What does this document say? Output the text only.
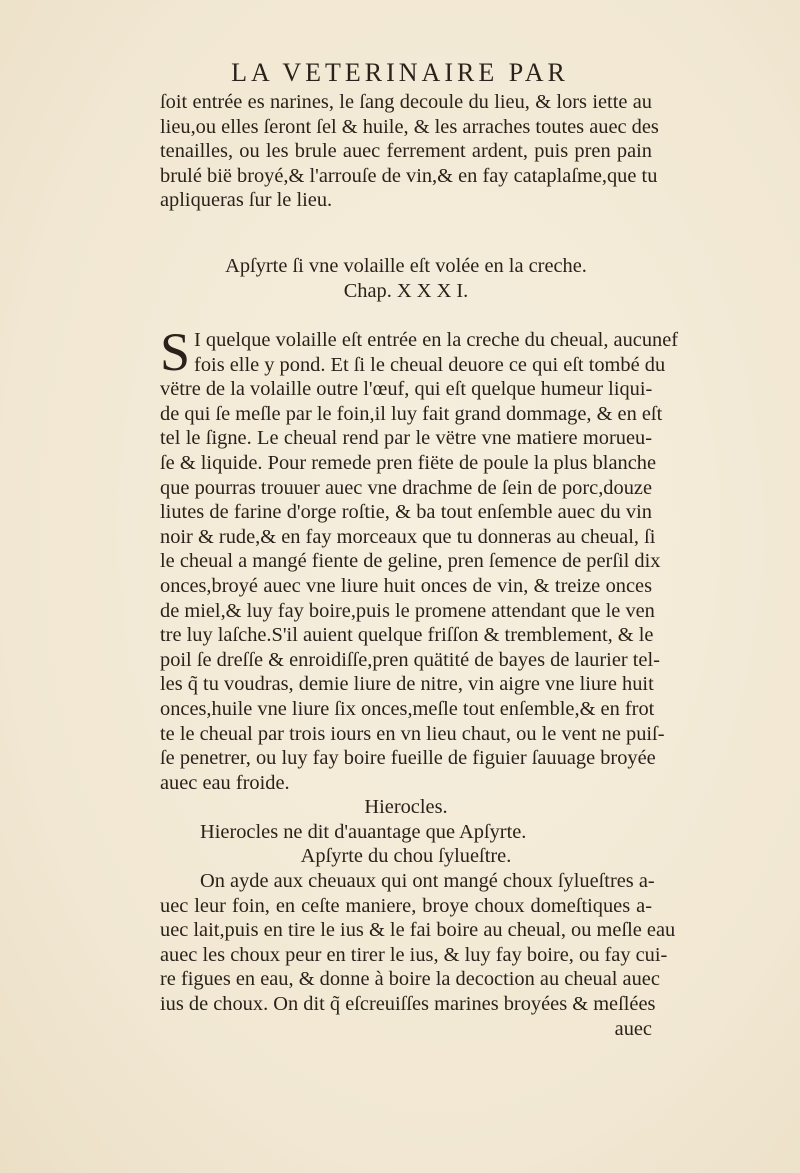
LA VETERINAIRE PAR
ſoit entrée es narines, le ſang decoule du lieu, & lors iette au
lieu,ou elles ſeront ſel & huile, & les arraches toutes auec des
tenailles, ou les brule auec ferrement ardent, puis pren pain
brulé bië broyé,& l'arrouſe de vin,& en fay cataplaſme,que tu
apliqueras ſur le lieu.
Apſyrte ſi vne volaille eſt volée en la creche.
Chap. X X X I.
S I quelque volaille eſt entrée en la creche du cheual, aucunef
fois elle y pond. Et ſi le cheual deuore ce qui eſt tombé du
vëtre de la volaille outre l'œuf, qui eſt quelque humeur liqui-
de qui ſe meſle par le foin,il luy fait grand dommage, & en eſt
tel le ſigne. Le cheual rend par le vëtre vne matiere morueu-
ſe & liquide. Pour remede pren fiëte de poule la plus blanche
que pourras trouuer auec vne drachme de ſein de porc,douze
liutes de farine d'orge roſtie, & ba tout enſemble auec du vin
noir & rude,& en fay morceaux que tu donneras au cheual, ſi
le cheual a mangé fiente de geline, pren ſemence de perſil dix
onces,broyé auec vne liure huit onces de vin, & treize onces
de miel,& luy fay boire,puis le promene attendant que le ven
tre luy laſche.S'il auient quelque friſſon & tremblement, & le
poil ſe dreſſe & enroidiſſe,pren quätité de bayes de laurier tel-
les q̃ tu voudras, demie liure de nitre, vin aigre vne liure huit
onces,huile vne liure ſix onces,meſle tout enſemble,& en frot
te le cheual par trois iours en vn lieu chaut, ou le vent ne puiſ-
ſe penetrer, ou luy fay boire fueille de figuier ſauuage broyée
auec eau froide.
Hierocles.
Hierocles ne dit d'auantage que Apſyrte.
Apſyrte du chou ſylueſtre.
On ayde aux cheuaux qui ont mangé choux ſylueſtres a-
uec leur foin, en ceſte maniere, broye choux domeſtiques a-
uec lait,puis en tire le ius & le fai boire au cheual, ou meſle eau
auec les choux peur en tirer le ius, & luy fay boire, ou fay cui-
re figues en eau, & donne à boire la decoction au cheual auec
ius de choux. On dit q̃ eſcreuiſſes marines broyées & meſlées
auec
